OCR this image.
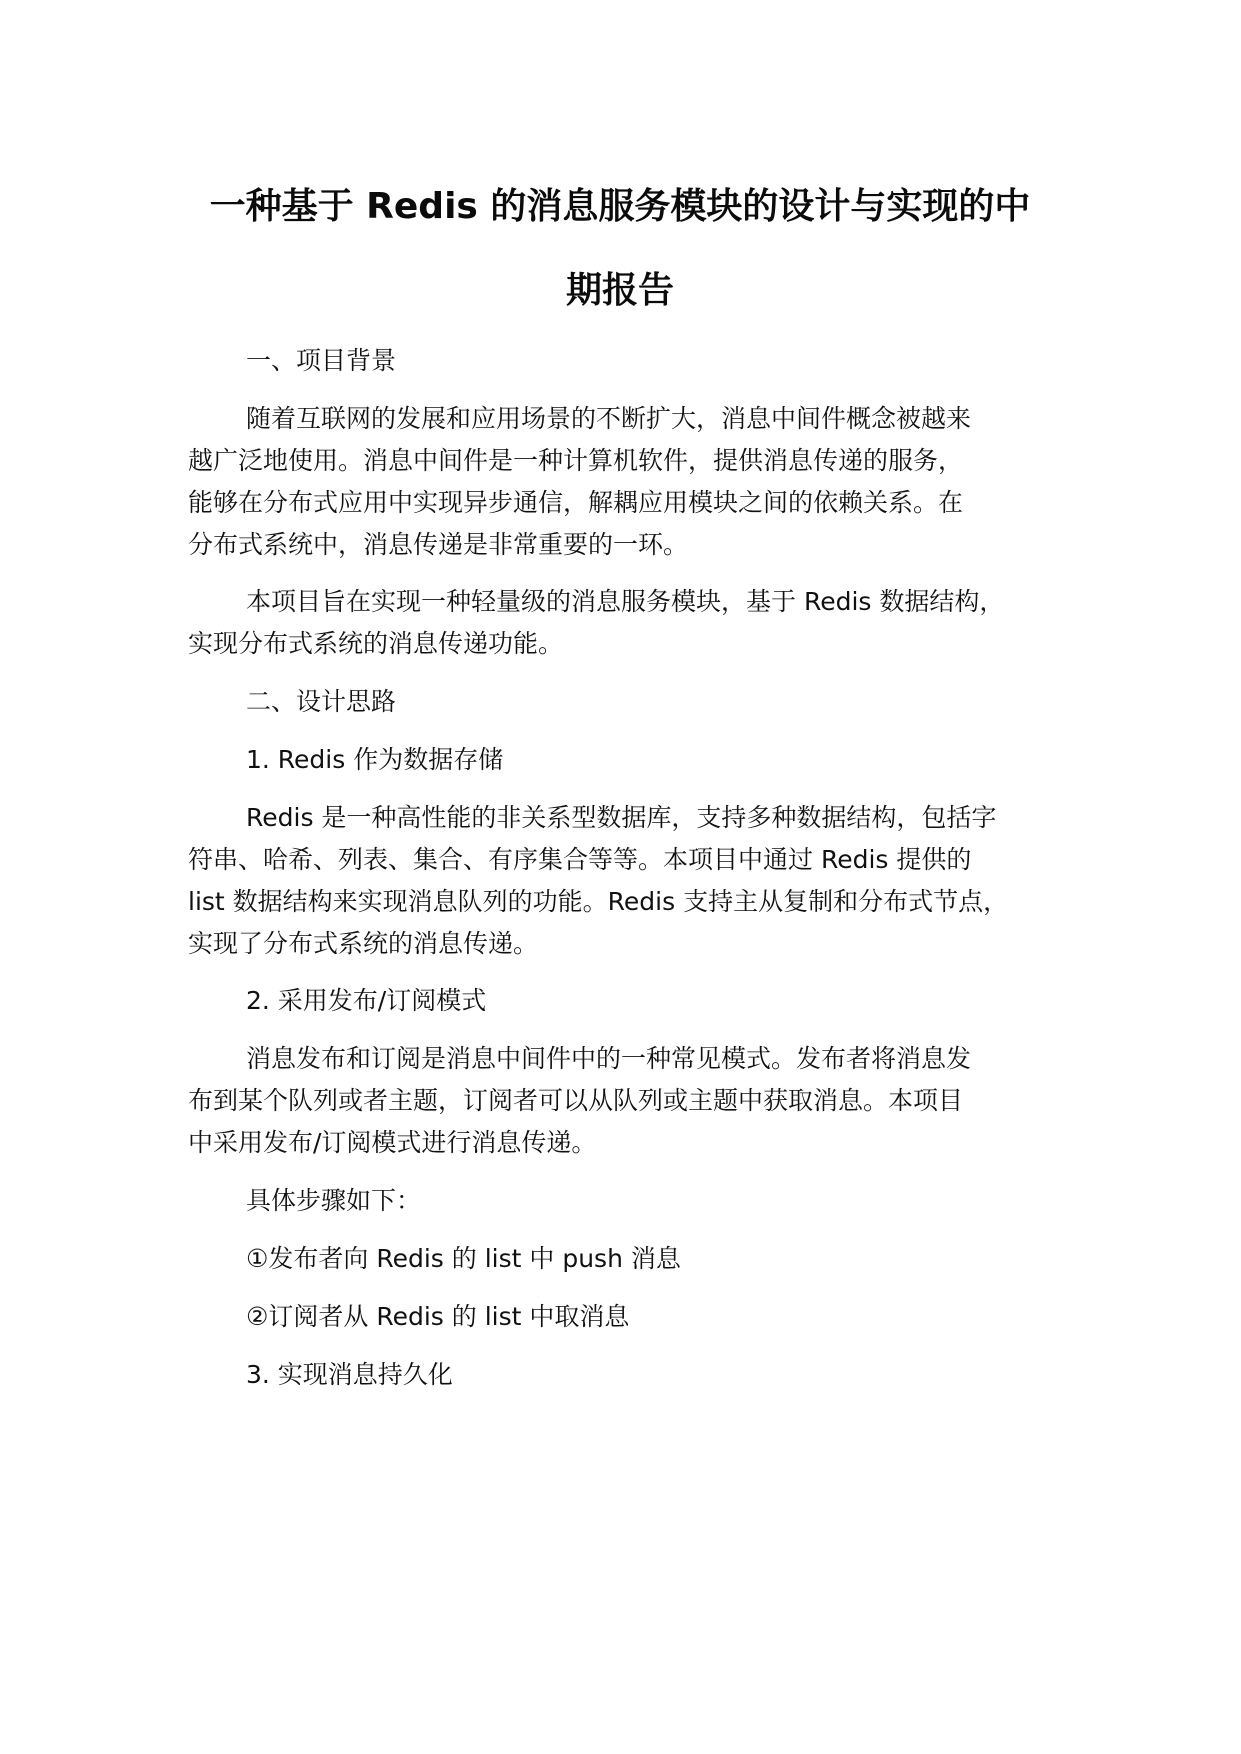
一种基于 Redis 的消息服务模块的设计与实现的中
期报告
一、项目背景
随着互联网的发展和应用场景的不断扩大，消息中间件概念被越来
越广泛地使用。消息中间件是一种计算机软件，提供消息传递的服务，
能够在分布式应用中实现异步通信，解耦应用模块之间的依赖关系。在
分布式系统中，消息传递是非常重要的一环。
本项目旨在实现一种轻量级的消息服务模块，基于 Redis 数据结构，
实现分布式系统的消息传递功能。
二、设计思路
1. Redis 作为数据存储
Redis 是一种高性能的非关系型数据库，支持多种数据结构，包括字
符串、哈希、列表、集合、有序集合等等。本项目中通过 Redis 提供的
list 数据结构来实现消息队列的功能。Redis 支持主从复制和分布式节点，
实现了分布式系统的消息传递。
2. 采用发布/订阅模式
消息发布和订阅是消息中间件中的一种常见模式。发布者将消息发
布到某个队列或者主题，订阅者可以从队列或主题中获取消息。本项目
中采用发布/订阅模式进行消息传递。
具体步骤如下：
①发布者向 Redis 的 list 中 push 消息
②订阅者从 Redis 的 list 中取消息
3. 实现消息持久化
